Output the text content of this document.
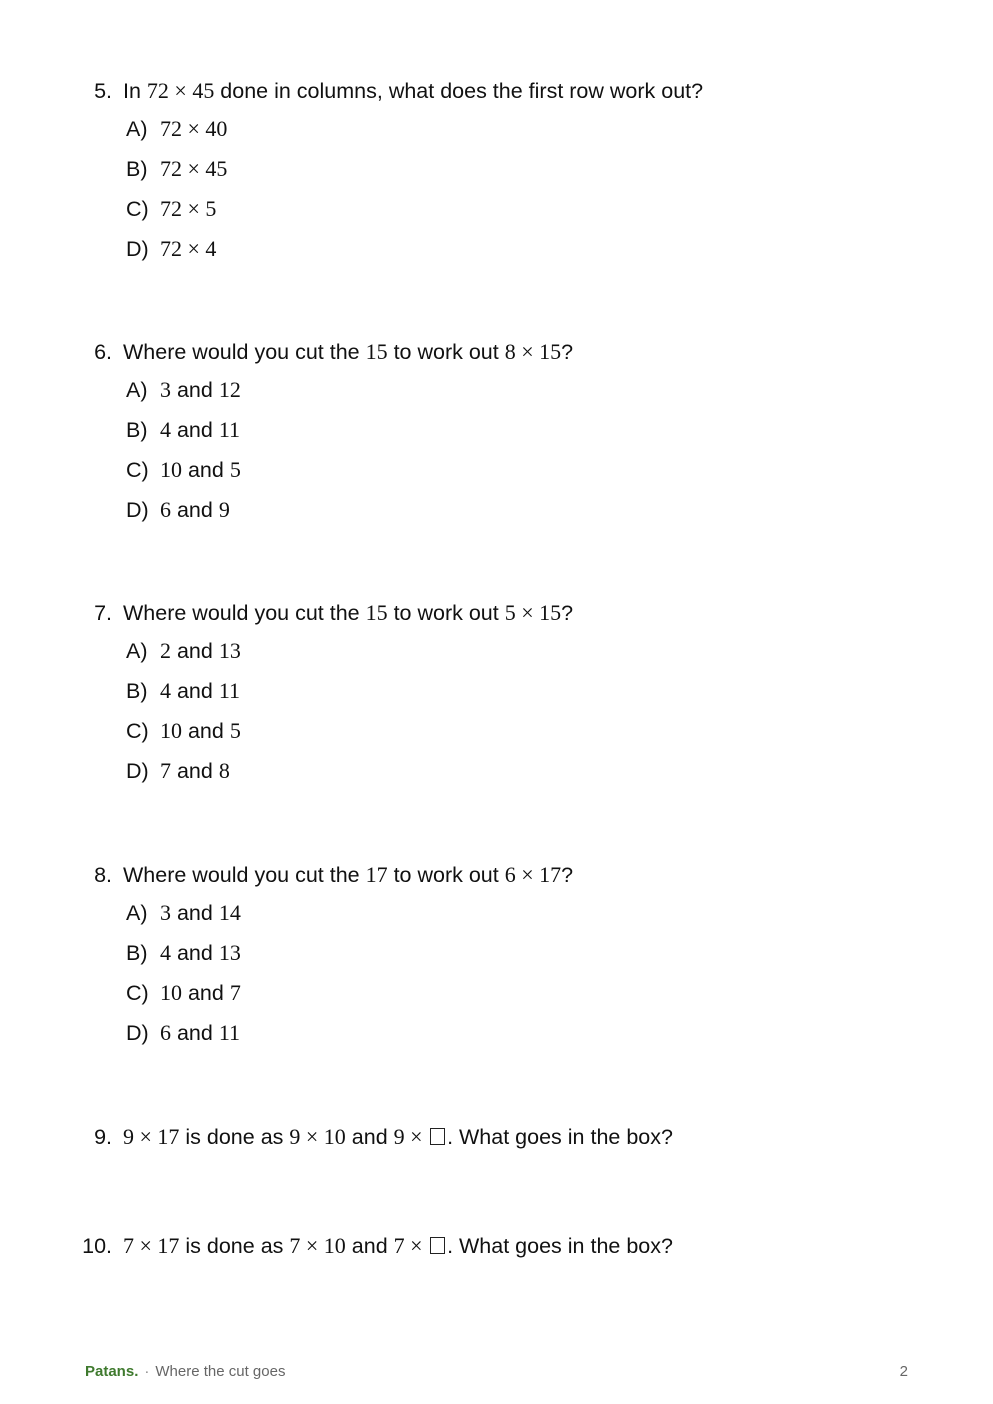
5. In 72 × 45 done in columns, what does the first row work out?
A) 72 × 40
B) 72 × 45
C) 72 × 5
D) 72 × 4
6. Where would you cut the 15 to work out 8 × 15?
A) 3 and 12
B) 4 and 11
C) 10 and 5
D) 6 and 9
7. Where would you cut the 15 to work out 5 × 15?
A) 2 and 13
B) 4 and 11
C) 10 and 5
D) 7 and 8
8. Where would you cut the 17 to work out 6 × 17?
A) 3 and 14
B) 4 and 13
C) 10 and 7
D) 6 and 11
9. 9 × 17 is done as 9 × 10 and 9 × . What goes in the box?
10. 7 × 17 is done as 7 × 10 and 7 × . What goes in the box?
Patans. · Where the cut goes	2
